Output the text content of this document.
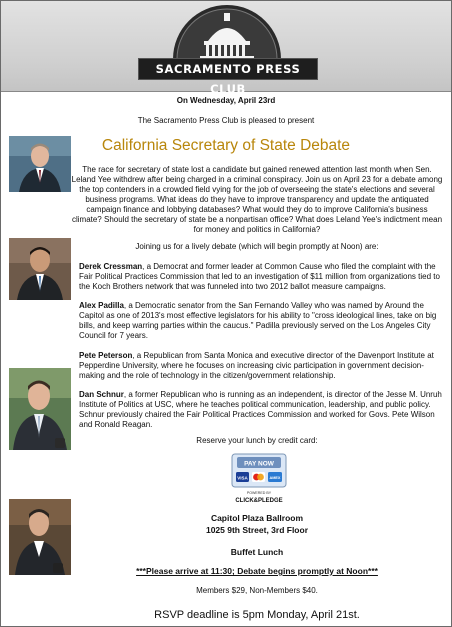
SACRAMENTO PRESS CLUB
On Wednesday, April 23rd
The Sacramento Press Club is pleased to present
California Secretary of State Debate
The race for secretary of state lost a candidate but gained renewed attention last month when Sen. Leland Yee withdrew after being charged in a criminal conspiracy. Join us on April 23 for a debate among the top contenders in a crowded field vying for the job of overseeing the state's elections and several business programs. What ideas do they have to improve transparency and update the antiquated campaign finance and lobbying databases? What would they do to improve California's business climate? Should the secretary of state be a nonpartisan office? What does Leland Yee's indictment mean for money and politics in California?
Joining us for a lively debate (which will begin promptly at Noon) are:
Derek Cressman, a Democrat and former leader at Common Cause who filed the complaint with the Fair Political Practices Commission that led to an investigation of $11 million from organizations tied to the Koch Brothers network that was funneled into two 2012 ballot measure campaigns.
Alex Padilla, a Democratic senator from the San Fernando Valley who was named by Around the Capitol as one of 2013's most effective legislators for his ability to "cross ideological lines, take on big bills, and keep warring parties within the caucus." Padilla previously served on the Los Angeles City Council for 7 years.
Pete Peterson, a Republican from Santa Monica and executive director of the Davenport Institute at Pepperdine University, where he focuses on increasing civic participation in government decision-making and the role of technology in the citizen/government relationship.
Dan Schnur, a former Republican who is running as an independent, is director of the Jesse M. Unruh Institute of Politics at USC, where he teaches political communication, leadership, and public policy. Schnur previously chaired the Fair Political Practices Commission and worked for Govs. Pete Wilson and Ronald Reagan.
Reserve your lunch by credit card:
PAY NOW
VISA	AMEX
POWERED BY
CLICK&PLEDGE
Capitol Plaza Ballroom
1025 9th Street, 3rd Floor
Buffet Lunch
***Please arrive at 11:30; Debate begins promptly at Noon***
Members $29, Non-Members $40.
RSVP deadline is 5pm Monday, April 21st.
